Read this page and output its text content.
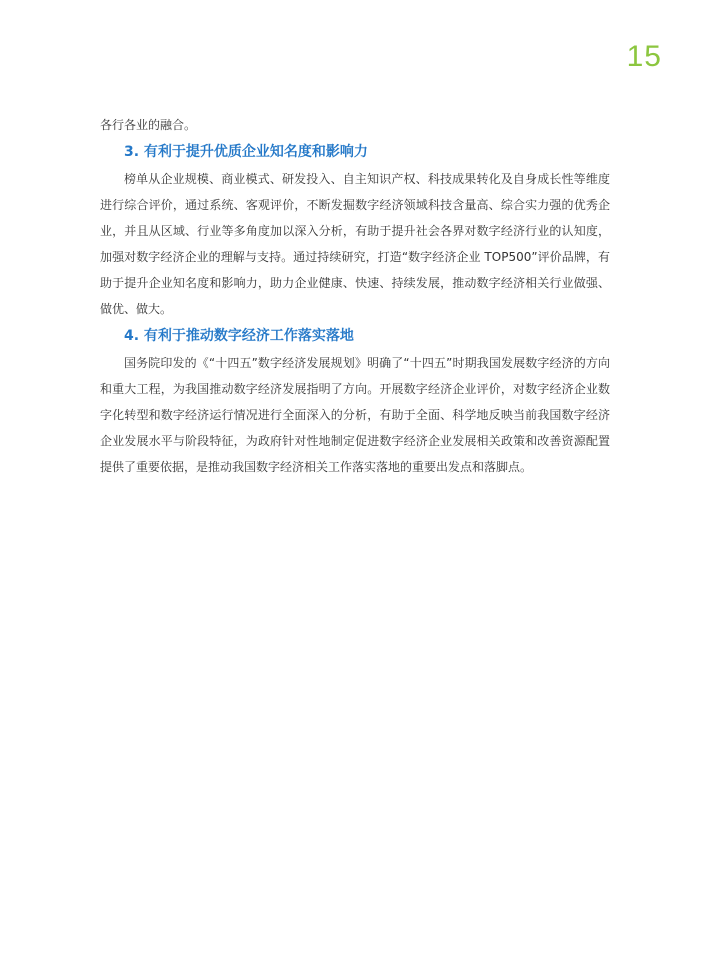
15

各行各业的融合。

3. 有利于提升优质企业知名度和影响力

榜单从企业规模、商业模式、研发投入、自主知识产权、科技成果转化及自身成长性等维度进行综合评价，通过系统、客观评价，不断发掘数字经济领域科技含量高、综合实力强的优秀企业，并且从区域、行业等多角度加以深入分析，有助于提升社会各界对数字经济行业的认知度，加强对数字经济企业的理解与支持。通过持续研究，打造“数字经济企业 TOP500”评价品牌，有助于提升企业知名度和影响力，助力企业健康、快速、持续发展，推动数字经济相关行业做强、做优、做大。

4. 有利于推动数字经济工作落实落地

国务院印发的《“十四五”数字经济发展规划》明确了“十四五”时期我国发展数字经济的方向和重大工程，为我国推动数字经济发展指明了方向。开展数字经济企业评价，对数字经济企业数字化转型和数字经济运行情况进行全面深入的分析，有助于全面、科学地反映当前我国数字经济企业发展水平与阶段特征，为政府针对性地制定促进数字经济企业发展相关政策和改善资源配置提供了重要依据，是推动我国数字经济相关工作落实落地的重要出发点和落脚点。
